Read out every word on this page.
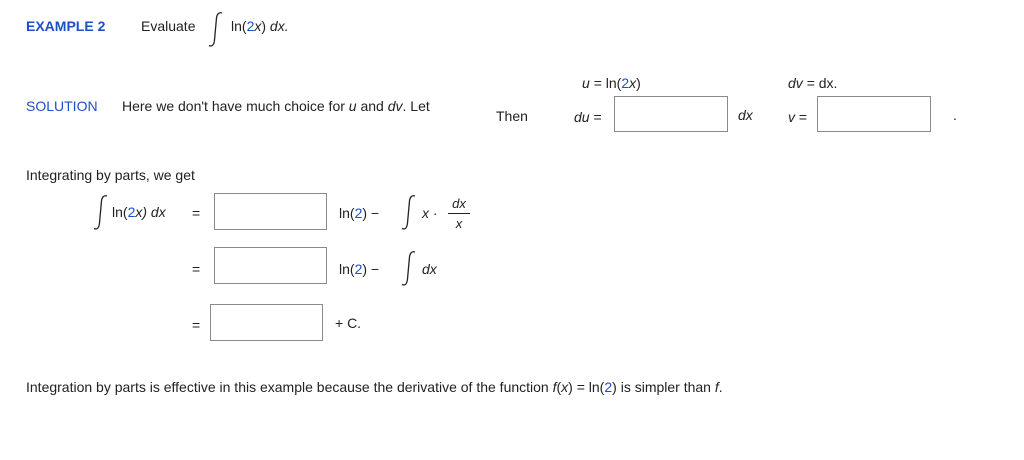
EXAMPLE 2	Evaluate	ln(2x) dx.
u = ln(2x)	dv = dx.
SOLUTION Here we don't have much choice for u and dv. Let
Then	du =	dx	v =	.
Integrating by parts, we get
ln(2x) dx =	ln(2) −	x ·
dx
x
=	ln(2) −	dx
=	+ C.
Integration by parts is effective in this example because the derivative of the function f(x) = ln(2) is simpler than f.
